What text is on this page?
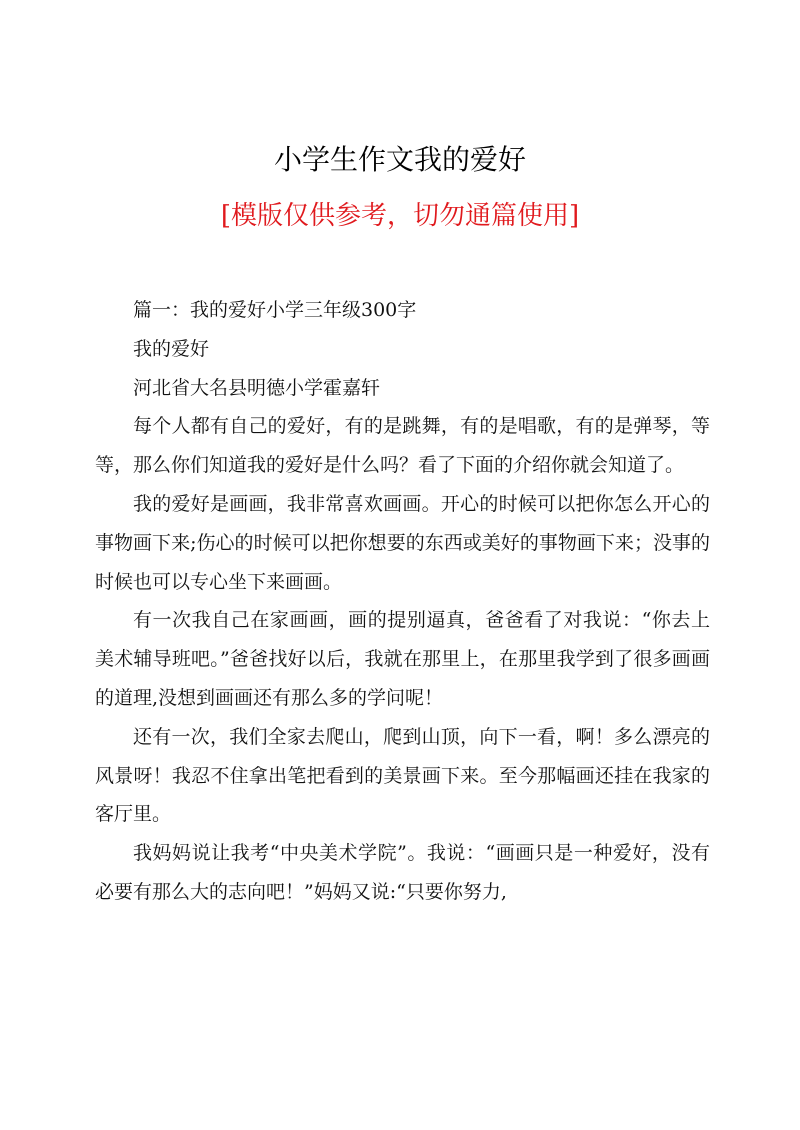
小学生作文我的爱好
[模版仅供参考，切勿通篇使用]

篇一：我的爱好小学三年级300字

我的爱好

河北省大名县明德小学霍嘉轩

每个人都有自己的爱好，有的是跳舞，有的是唱歌，有的是弹琴，等等，那么你们知道我的爱好是什么吗？看了下面的介绍你就会知道了。

我的爱好是画画，我非常喜欢画画。开心的时候可以把你怎么开心的事物画下来;伤心的时候可以把你想要的东西或美好的事物画下来；没事的时候也可以专心坐下来画画。

有一次我自己在家画画，画的提别逼真，爸爸看了对我说：“你去上美术辅导班吧。”爸爸找好以后，我就在那里上，在那里我学到了很多画画的道理,没想到画画还有那么多的学问呢！

还有一次，我们全家去爬山，爬到山顶，向下一看，啊！多么漂亮的风景呀！我忍不住拿出笔把看到的美景画下来。至今那幅画还挂在我家的客厅里。

我妈妈说让我考“中央美术学院”。我说：“画画只是一种爱好，没有必要有那么大的志向吧！”妈妈又说:“只要你努力,
